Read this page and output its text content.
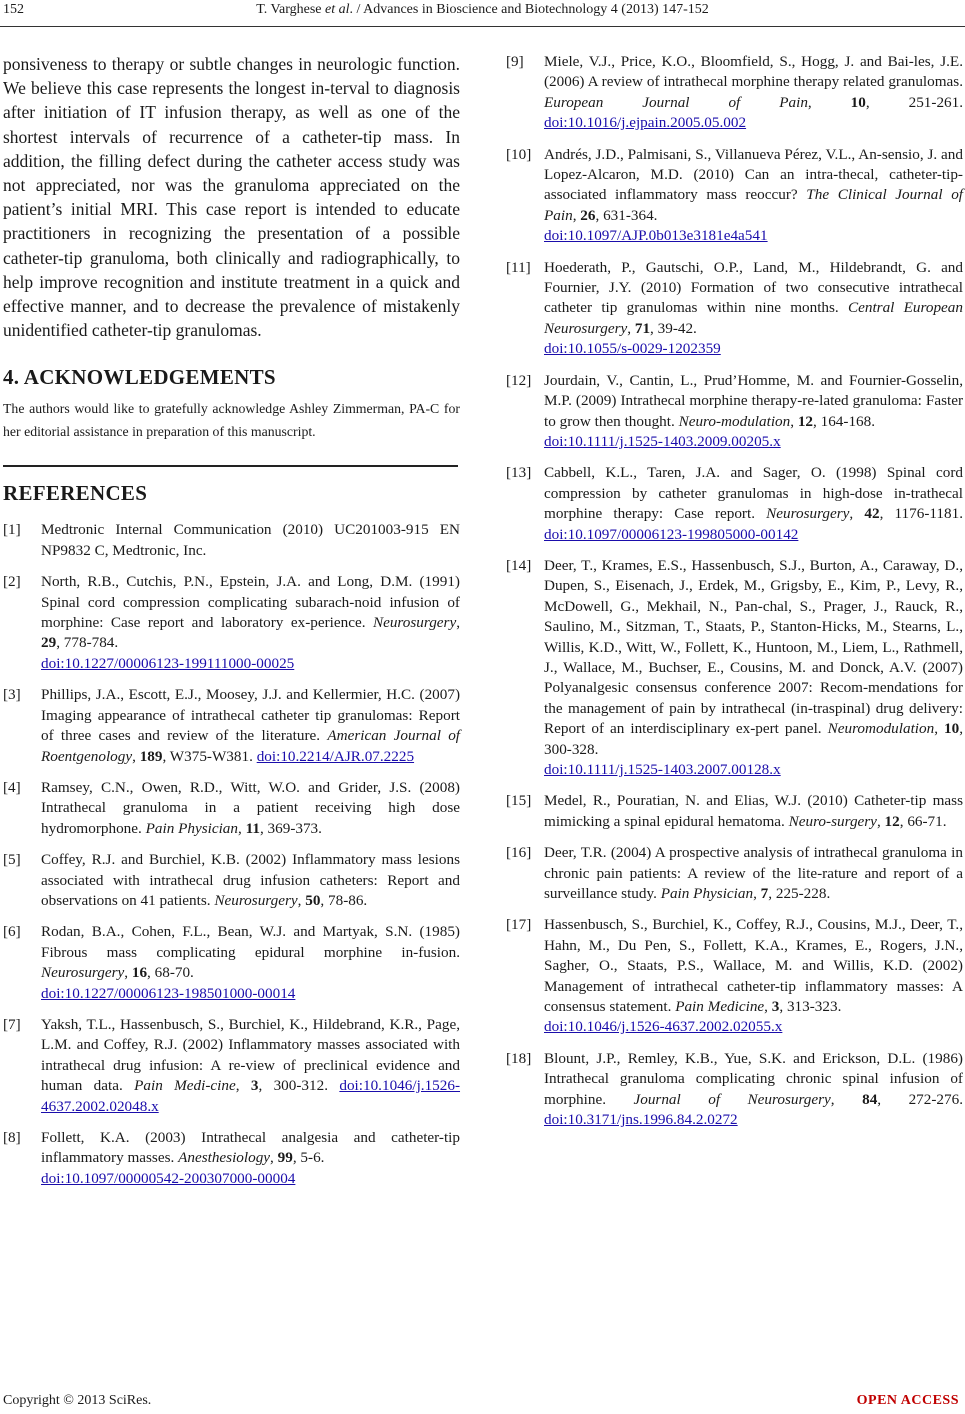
152	T. Varghese et al. / Advances in Bioscience and Biotechnology 4 (2013) 147-152

ponsiveness to therapy or subtle changes in neurologic function. We believe this case represents the longest in-terval to diagnosis after initiation of IT infusion therapy, as well as one of the shortest intervals of recurrence of a catheter-tip mass. In addition, the filling defect during the catheter access study was not appreciated, nor was the granuloma appreciated on the patient’s initial MRI. This case report is intended to educate practitioners in recognizing the presentation of a possible catheter-tip granuloma, both clinically and radiographically, to help improve recognition and institute treatment in a quick and effective manner, and to decrease the prevalence of mistakenly unidentified catheter-tip granulomas.

4. ACKNOWLEDGEMENTS

The authors would like to gratefully acknowledge Ashley Zimmerman, PA-C for her editorial assistance in preparation of this manuscript.

REFERENCES
[1] Medtronic Internal Communication (2010) UC201003-915 EN NP9832 C, Medtronic, Inc.
[2] North, R.B., Cutchis, P.N., Epstein, J.A. and Long, D.M. (1991) Spinal cord compression complicating subarach-noid infusion of morphine: Case report and laboratory ex-perience. Neurosurgery, 29, 778-784.
doi:10.1227/00006123-199111000-00025
[3] Phillips, J.A., Escott, E.J., Moosey, J.J. and Kellermier, H.C. (2007) Imaging appearance of intrathecal catheter tip granulomas: Report of three cases and review of the literature. American Journal of Roentgenology, 189, W375-W381. doi:10.2214/AJR.07.2225
[4] Ramsey, C.N., Owen, R.D., Witt, W.O. and Grider, J.S. (2008) Intrathecal granuloma in a patient receiving high dose hydromorphone. Pain Physician, 11, 369-373.
[5] Coffey, R.J. and Burchiel, K.B. (2002) Inflammatory mass lesions associated with intrathecal drug infusion catheters: Report and observations on 41 patients. Neurosurgery, 50, 78-86.
[6] Rodan, B.A., Cohen, F.L., Bean, W.J. and Martyak, S.N. (1985) Fibrous mass complicating epidural morphine in-fusion. Neurosurgery, 16, 68-70.
doi:10.1227/00006123-198501000-00014
[7] Yaksh, T.L., Hassenbusch, S., Burchiel, K., Hildebrand, K.R., Page, L.M. and Coffey, R.J. (2002) Inflammatory masses associated with intrathecal drug infusion: A re-view of preclinical evidence and human data. Pain Medi-cine, 3, 300-312. doi:10.1046/j.1526-4637.2002.02048.x
[8] Follett, K.A. (2003) Intrathecal analgesia and catheter-tip inflammatory masses. Anesthesiology, 99, 5-6.
doi:10.1097/00000542-200307000-00004
[9] Miele, V.J., Price, K.O., Bloomfield, S., Hogg, J. and Bai-les, J.E. (2006) A review of intrathecal morphine therapy related granulomas. European Journal of Pain, 10, 251-261. doi:10.1016/j.ejpain.2005.05.002
[10] Andrés, J.D., Palmisani, S., Villanueva Pérez, V.L., An-sensio, J. and Lopez-Alcaron, M.D. (2010) Can an intra-thecal, catheter-tip-associated inflammatory mass reoccur? The Clinical Journal of Pain, 26, 631-364.
doi:10.1097/AJP.0b013e3181e4a541
[11] Hoederath, P., Gautschi, O.P., Land, M., Hildebrandt, G. and Fournier, J.Y. (2010) Formation of two consecutive intrathecal catheter tip granulomas within nine months. Central European Neurosurgery, 71, 39-42.
doi:10.1055/s-0029-1202359
[12] Jourdain, V., Cantin, L., Prud’Homme, M. and Fournier-Gosselin, M.P. (2009) Intrathecal morphine therapy-re-lated granuloma: Faster to grow then thought. Neuro-modulation, 12, 164-168.
doi:10.1111/j.1525-1403.2009.00205.x
[13] Cabbell, K.L., Taren, J.A. and Sager, O. (1998) Spinal cord compression by catheter granulomas in high-dose in-trathecal morphine therapy: Case report. Neurosurgery, 42, 1176-1181. doi:10.1097/00006123-199805000-00142
[14] Deer, T., Krames, E.S., Hassenbusch, S.J., Burton, A., Caraway, D., Dupen, S., Eisenach, J., Erdek, M., Grigsby, E., Kim, P., Levy, R., McDowell, G., Mekhail, N., Pan-chal, S., Prager, J., Rauck, R., Saulino, M., Sitzman, T., Staats, P., Stanton-Hicks, M., Stearns, L., Willis, K.D., Witt, W., Follett, K., Huntoon, M., Liem, L., Rathmell, J., Wallace, M., Buchser, E., Cousins, M. and Donck, A.V. (2007) Polyanalgesic consensus conference 2007: Recom-mendations for the management of pain by intrathecal (in-traspinal) drug delivery: Report of an interdisciplinary ex-pert panel. Neuromodulation, 10, 300-328.
doi:10.1111/j.1525-1403.2007.00128.x
[15] Medel, R., Pouratian, N. and Elias, W.J. (2010) Catheter-tip mass mimicking a spinal epidural hematoma. Neuro-surgery, 12, 66-71.
[16] Deer, T.R. (2004) A prospective analysis of intrathecal granuloma in chronic pain patients: A review of the lite-rature and report of a surveillance study. Pain Physician, 7, 225-228.
[17] Hassenbusch, S., Burchiel, K., Coffey, R.J., Cousins, M.J., Deer, T., Hahn, M., Du Pen, S., Follett, K.A., Krames, E., Rogers, J.N., Sagher, O., Staats, P.S., Wallace, M. and Willis, K.D. (2002) Management of intrathecal catheter-tip inflammatory masses: A consensus statement. Pain Medicine, 3, 313-323.
doi:10.1046/j.1526-4637.2002.02055.x
[18] Blount, J.P., Remley, K.B., Yue, S.K. and Erickson, D.L. (1986) Intrathecal granuloma complicating chronic spinal infusion of morphine. Journal of Neurosurgery, 84, 272-276. doi:10.3171/jns.1996.84.2.0272
Copyright © 2013 SciRes.	OPEN ACCESS
